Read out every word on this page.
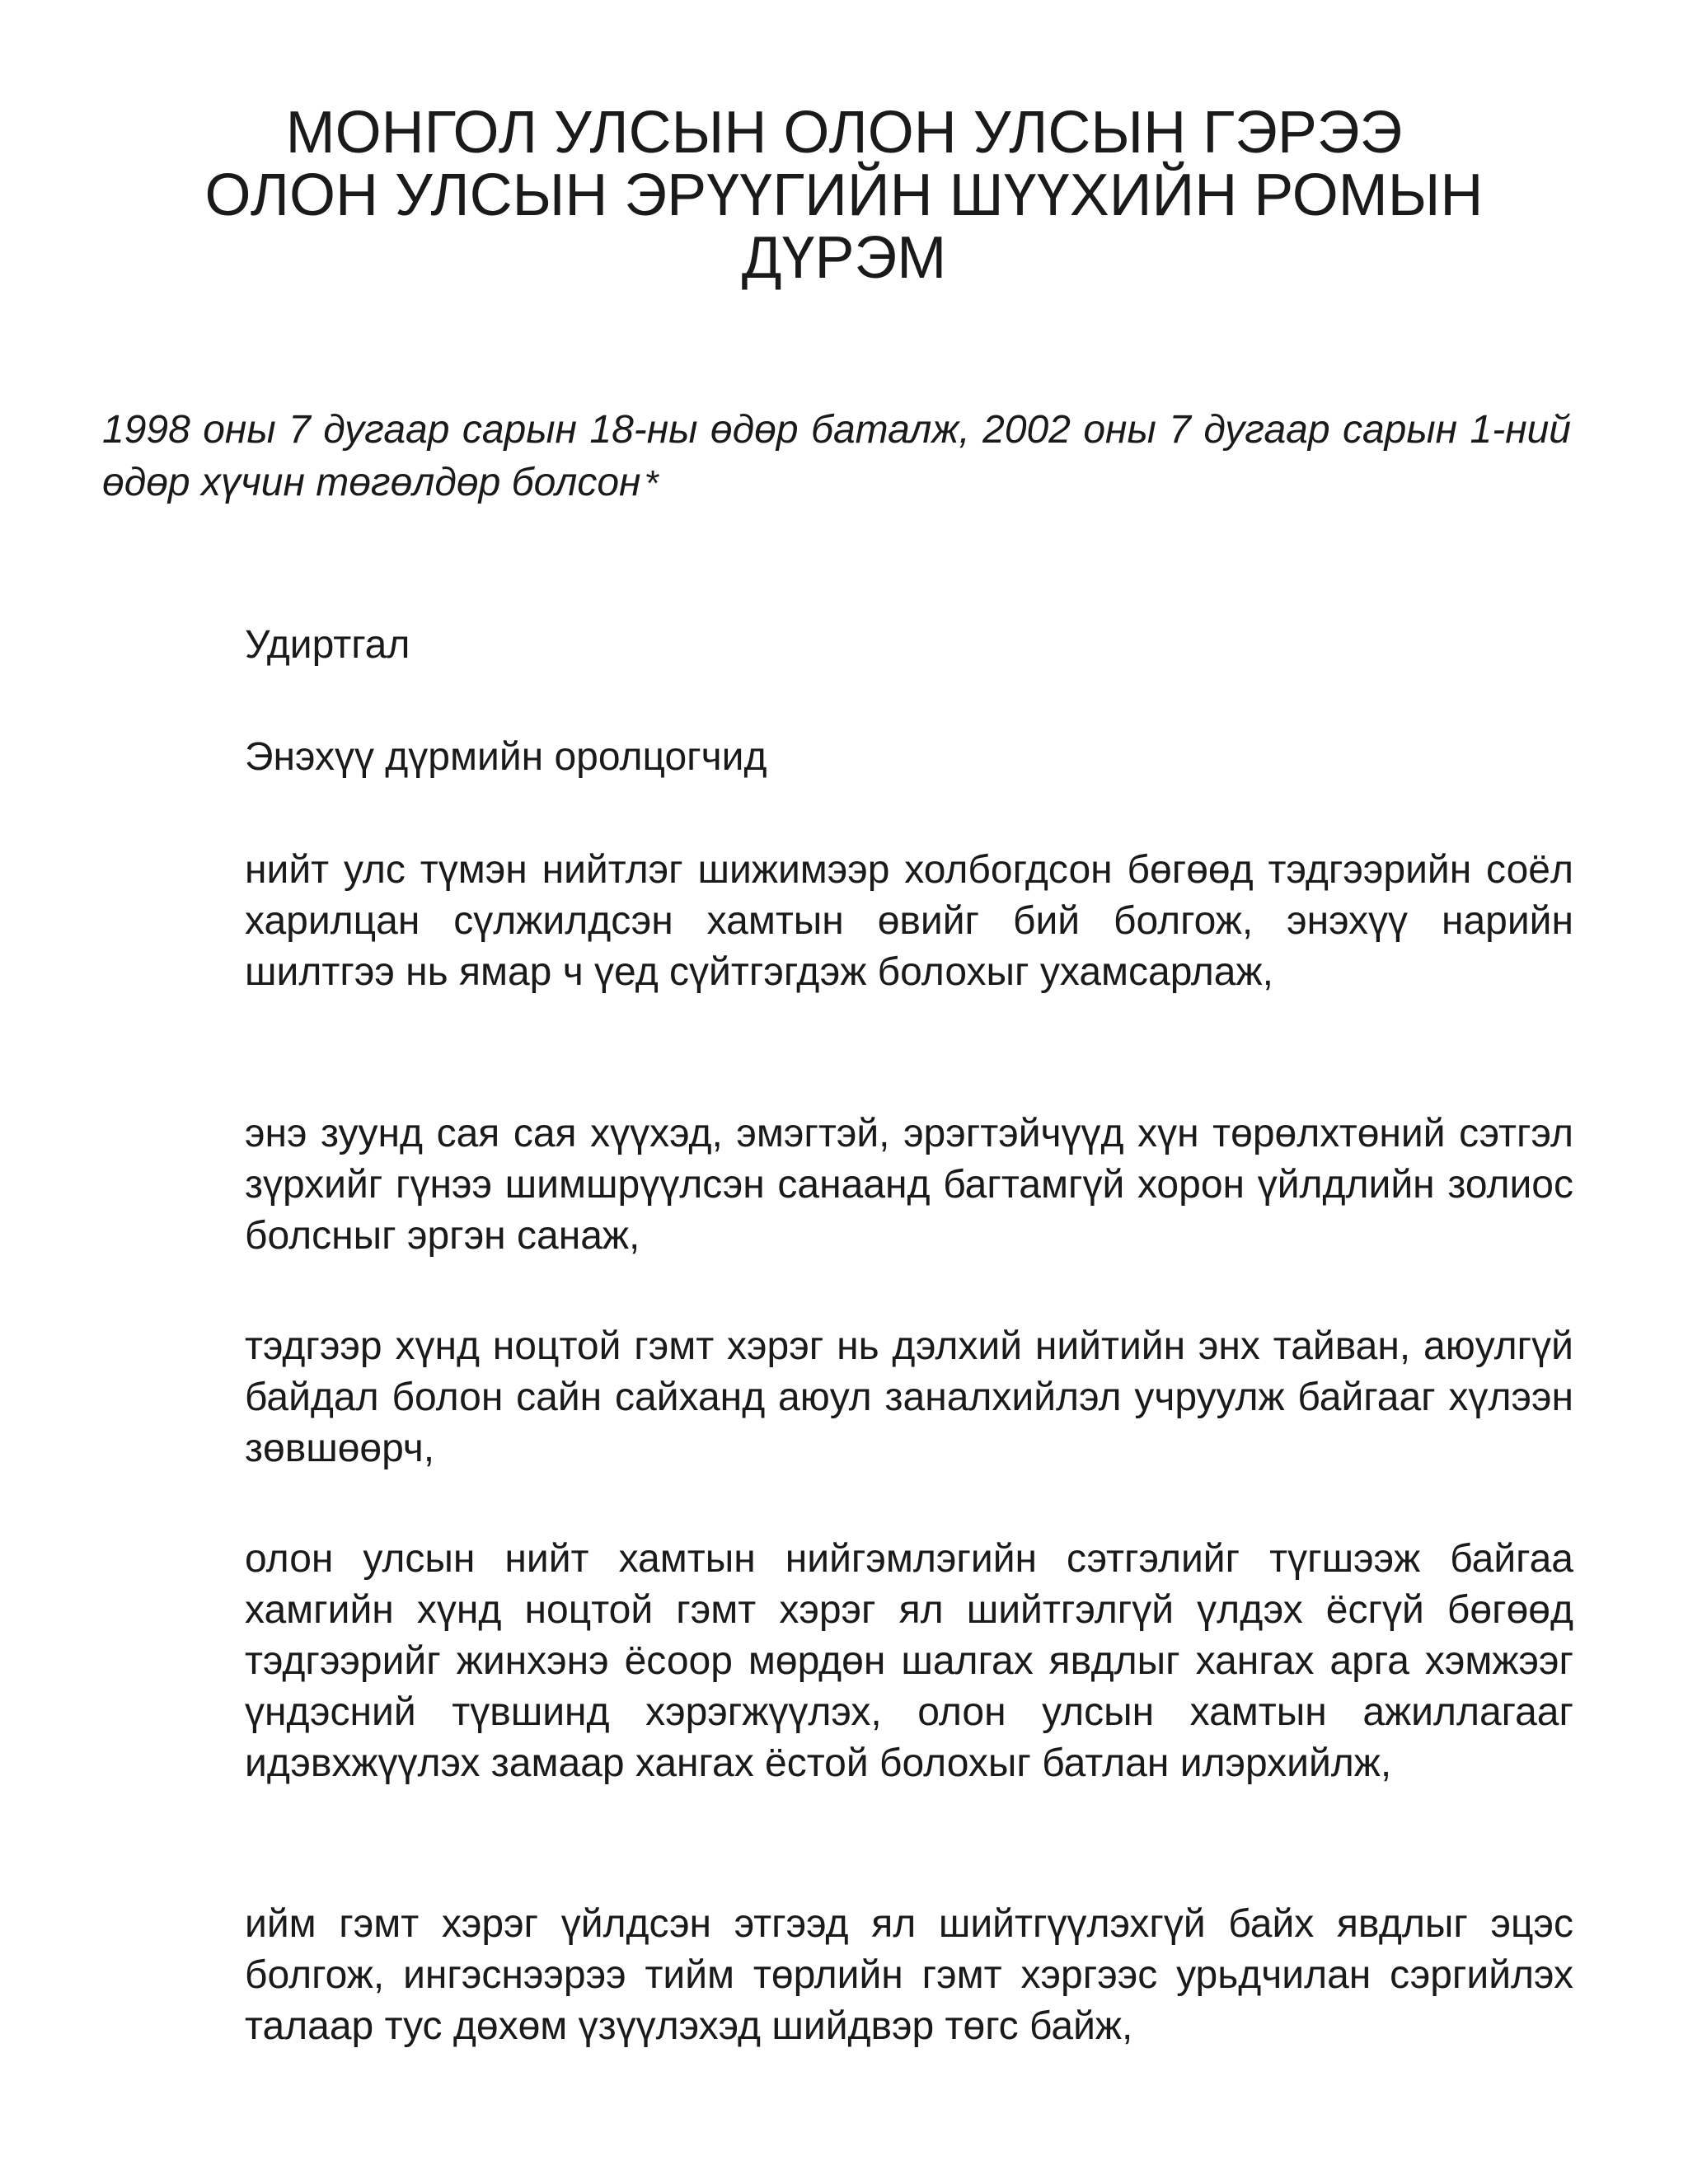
МОНГОЛ УЛСЫН ОЛОН УЛСЫН ГЭРЭЭ
ОЛОН УЛСЫН ЭРҮҮГИЙН ШҮҮХИЙН РОМЫН
ДҮРЭМ

1998 оны 7 дугаар сарын 18-ны өдөр баталж, 2002 оны 7 дугаар сарын 1-ний өдөр хүчин төгөлдөр болсон *

Удиртгал

Энэхүү дүрмийн оролцогчид

нийт улс түмэн нийтлэг шижимээр холбогдсон бөгөөд тэдгээрийн соёл харилцан сүлжилдсэн хамтын өвийг бий болгож, энэхүү нарийн шилтгээ нь ямар ч үед сүйтгэгдэж болохыг ухамсарлаж,

энэ зуунд сая сая хүүхэд, эмэгтэй, эрэгтэйчүүд хүн төрөлхтөний сэтгэл зүрхийг гүнээ шимшрүүлсэн санаанд багтамгүй хорон үйлдлийн золиос болсныг эргэн санаж,

тэдгээр хүнд ноцтой гэмт хэрэг нь дэлхий нийтийн энх тайван, аюулгүй байдал болон сайн сайханд аюул заналхийлэл учруулж байгааг хүлээн зөвшөөрч,

олон улсын нийт хамтын нийгэмлэгийн сэтгэлийг түгшээж байгаа хамгийн хүнд ноцтой гэмт хэрэг ял шийтгэлгүй үлдэх ёсгүй бөгөөд тэдгээрийг жинхэнэ ёсоор мөрдөн шалгах явдлыг хангах арга хэмжээг үндэсний түвшинд хэрэгжүүлэх, олон улсын хамтын ажиллагааг идэвхжүүлэх замаар хангах ёстой болохыг батлан илэрхийлж,

ийм гэмт хэрэг үйлдсэн этгээд ял шийтгүүлэхгүй байх явдлыг эцэс болгож, ингэснээрээ тийм төрлийн гэмт хэргээс урьдчилан сэргийлэх талаар тус дөхөм үзүүлэхэд шийдвэр төгс байж,
